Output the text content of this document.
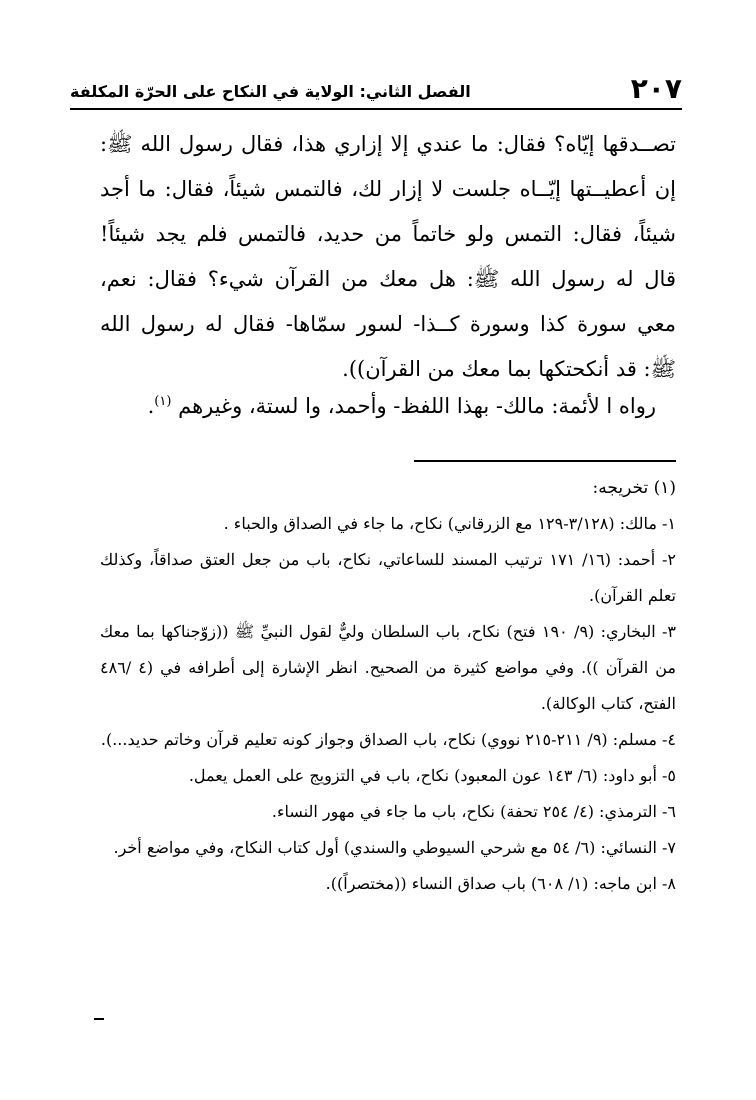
٢٠٧
الفصل الثاني: الولاية في النكاح على الحرّة المكلفة

تصــدقها إيّاه؟ فقال: ما عندي إلا إزاري هذا، فقال رسول الله ﷺ: إن أعطيــتها إيّــاه جلست لا إزار لك، فالتمس شيئاً، فقال: ما أجد شيئاً، فقال: التمس ولو خاتماً من حديد، فالتمس فلم يجد شيئاً! قال له رسول الله ﷺ: هل معك من القرآن شيء؟ فقال: نعم، معي سورة كذا وسورة كــذا- لسور سمّاها- فقال له رسول الله ﷺ: قد أنكحتكها بما معك من القرآن)).

رواه ا لأئمة: مالك- بهذا اللفظ- وأحمد، وا لستة، وغيرهم $^{(١)}$.

(١) تخريجه:

١- مالك: (٣/١٢٨-١٢٩ مع الزرقاني) نكاح، ما جاء في الصداق والحباء .

٢- أحمد: (١٦/ ١٧١ ترتيب المسند للساعاتي، نكاح، باب من جعل العتق صداقاً، وكذلك تعلم القرآن).

٣- البخاري: (٩/ ١٩٠ فتح) نكاح، باب السلطان وليٌّ لقول النبيِّ ﷺ ((زوّجناكها بما معك من القرآن )). وفي مواضع كثيرة من الصحيح. انظر الإشارة إلى أطرافه في (٤ /٤٨٦ الفتح، كتاب الوكالة).

٤- مسلم: (٩/ ٢١١-٢١٥ نووي) نكاح، باب الصداق وجواز كونه تعليم قرآن وخاتم حديد...).

٥- أبو داود: (٦/ ١٤٣ عون المعبود) نكاح، باب في التزويج على العمل يعمل.

٦- الترمذي: (٤/ ٢٥٤ تحفة) نكاح، باب ما جاء في مهور النساء.

٧- النسائي: (٦/ ٥٤ مع شرحي السيوطي والسندي) أول كتاب النكاح، وفي مواضع أخر.

٨- ابن ماجه: (١/ ٦٠٨) باب صداق النساء ((مختصراً)).
